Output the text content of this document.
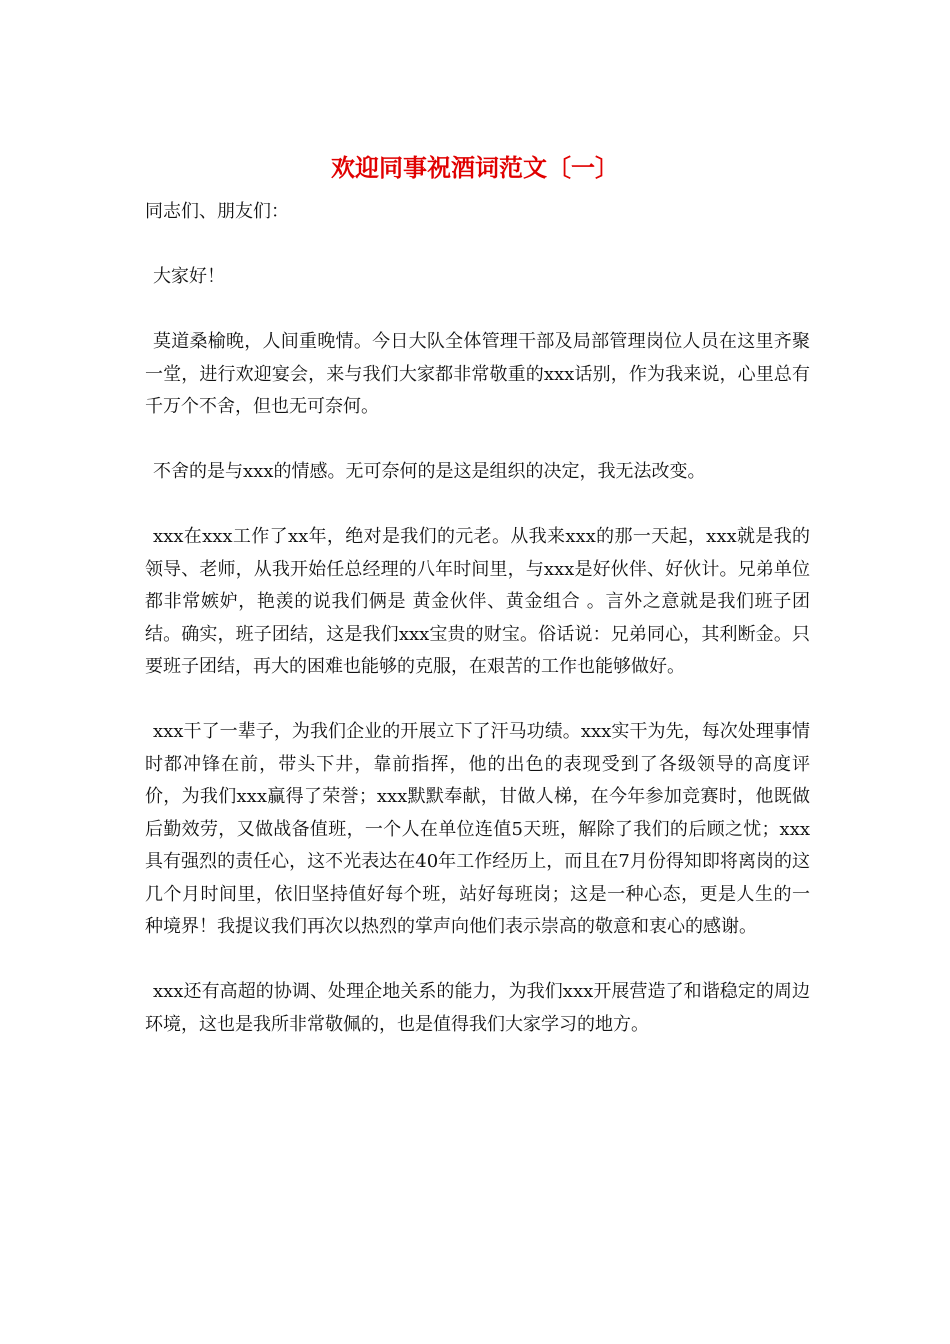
欢迎同事祝酒词范文〔一〕

同志们、朋友们：

大家好！

莫道桑榆晚，人间重晚情。今日大队全体管理干部及局部管理岗位人员在这里齐聚一堂，进行欢迎宴会，来与我们大家都非常敬重的xxx话别，作为我来说，心里总有千万个不舍，但也无可奈何。

不舍的是与xxx的情感。无可奈何的是这是组织的决定，我无法改变。

xxx在xxx工作了xx年，绝对是我们的元老。从我来xxx的那一天起，xxx就是我的领导、老师，从我开始任总经理的八年时间里，与xxx是好伙伴、好伙计。兄弟单位都非常嫉妒，艳羡的说我们俩是 黄金伙伴、黄金组合 。言外之意就是我们班子团结。确实，班子团结，这是我们xxx宝贵的财宝。俗话说：兄弟同心，其利断金。只要班子团结，再大的困难也能够的克服，在艰苦的工作也能够做好。

xxx干了一辈子，为我们企业的开展立下了汗马功绩。xxx实干为先，每次处理事情时都冲锋在前，带头下井，靠前指挥，他的出色的表现受到了各级领导的高度评价，为我们xxx赢得了荣誉；xxx默默奉献，甘做人梯，在今年参加竞赛时，他既做后勤效劳，又做战备值班，一个人在单位连值5天班，解除了我们的后顾之忧；xxx具有强烈的责任心，这不光表达在40年工作经历上，而且在7月份得知即将离岗的这几个月时间里，依旧坚持值好每个班，站好每班岗；这是一种心态，更是人生的一种境界！我提议我们再次以热烈的掌声向他们表示崇高的敬意和衷心的感谢。

xxx还有高超的协调、处理企地关系的能力，为我们xxx开展营造了和谐稳定的周边环境，这也是我所非常敬佩的，也是值得我们大家学习的地方。
